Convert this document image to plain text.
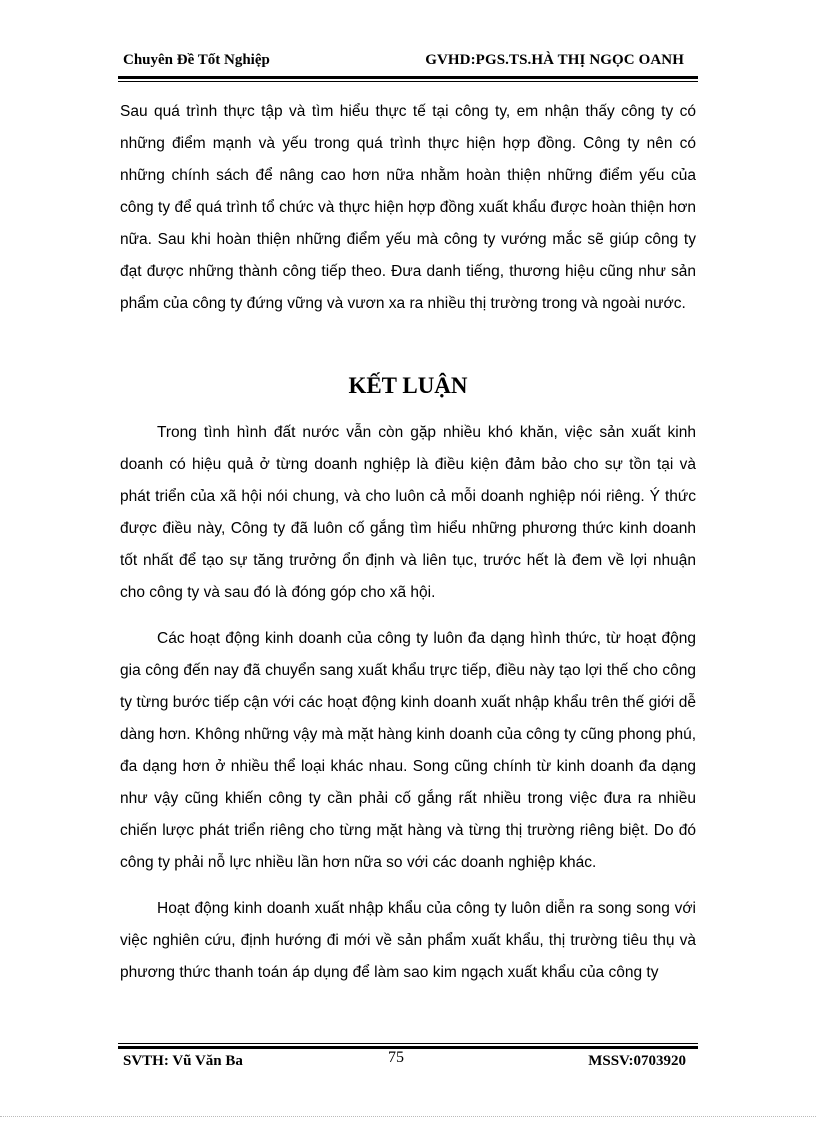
Chuyên Đề Tốt Nghiệp	GVHD:PGS.TS.HÀ THỊ NGỌC OANH

Sau quá trình thực tập và tìm hiểu thực tế tại công ty, em nhận thấy công ty có những điểm mạnh và yếu trong quá trình thực hiện hợp đồng. Công ty nên có những chính sách để nâng cao hơn nữa nhằm hoàn thiện những điểm yếu của công ty để quá trình tổ chức và thực hiện hợp đồng xuất khẩu được hoàn thiện hơn nữa. Sau khi hoàn thiện những điểm yếu mà công ty vướng mắc sẽ giúp công ty đạt được những thành công tiếp theo. Đưa danh tiếng, thương hiệu cũng như sản phẩm của công ty đứng vững và vươn xa ra nhiều thị trường trong và ngoài nước.

KẾT LUẬN

Trong tình hình đất nước vẫn còn gặp nhiều khó khăn, việc sản xuất kinh doanh có hiệu quả ở từng doanh nghiệp là điều kiện đảm bảo cho sự tồn tại và phát triển của xã hội nói chung, và cho luôn cả mỗi doanh nghiệp nói riêng. Ý thức được điều này, Công ty đã luôn cố gắng tìm hiểu những phương thức kinh doanh tốt nhất để tạo sự tăng trưởng ổn định và liên tục, trước hết là đem về lợi nhuận cho công ty và sau đó là đóng góp cho xã hội.

Các hoạt động kinh doanh của công ty luôn đa dạng hình thức, từ hoạt động gia công đến nay đã chuyển sang xuất khẩu trực tiếp, điều này tạo lợi thế cho công ty từng bước tiếp cận với các hoạt động kinh doanh xuất nhập khẩu trên thế giới dễ dàng hơn. Không những vậy mà mặt hàng kinh doanh của công ty cũng phong phú, đa dạng hơn ở nhiều thể loại khác nhau. Song cũng chính từ kinh doanh đa dạng như vậy cũng khiến công ty cần phải cố gắng rất nhiều trong việc đưa ra nhiều chiến lược phát triển riêng cho từng mặt hàng và từng thị trường riêng biệt. Do đó công ty phải nỗ lực nhiều lần hơn nữa so với các doanh nghiệp khác.

Hoạt động kinh doanh xuất nhập khẩu của công ty luôn diễn ra song song với việc nghiên cứu, định hướng đi mới về sản phẩm xuất khẩu, thị trường tiêu thụ và phương thức thanh toán áp dụng để làm sao kim ngạch xuất khẩu của công ty

SVTH: Vũ Văn Ba	75	MSSV:0703920
